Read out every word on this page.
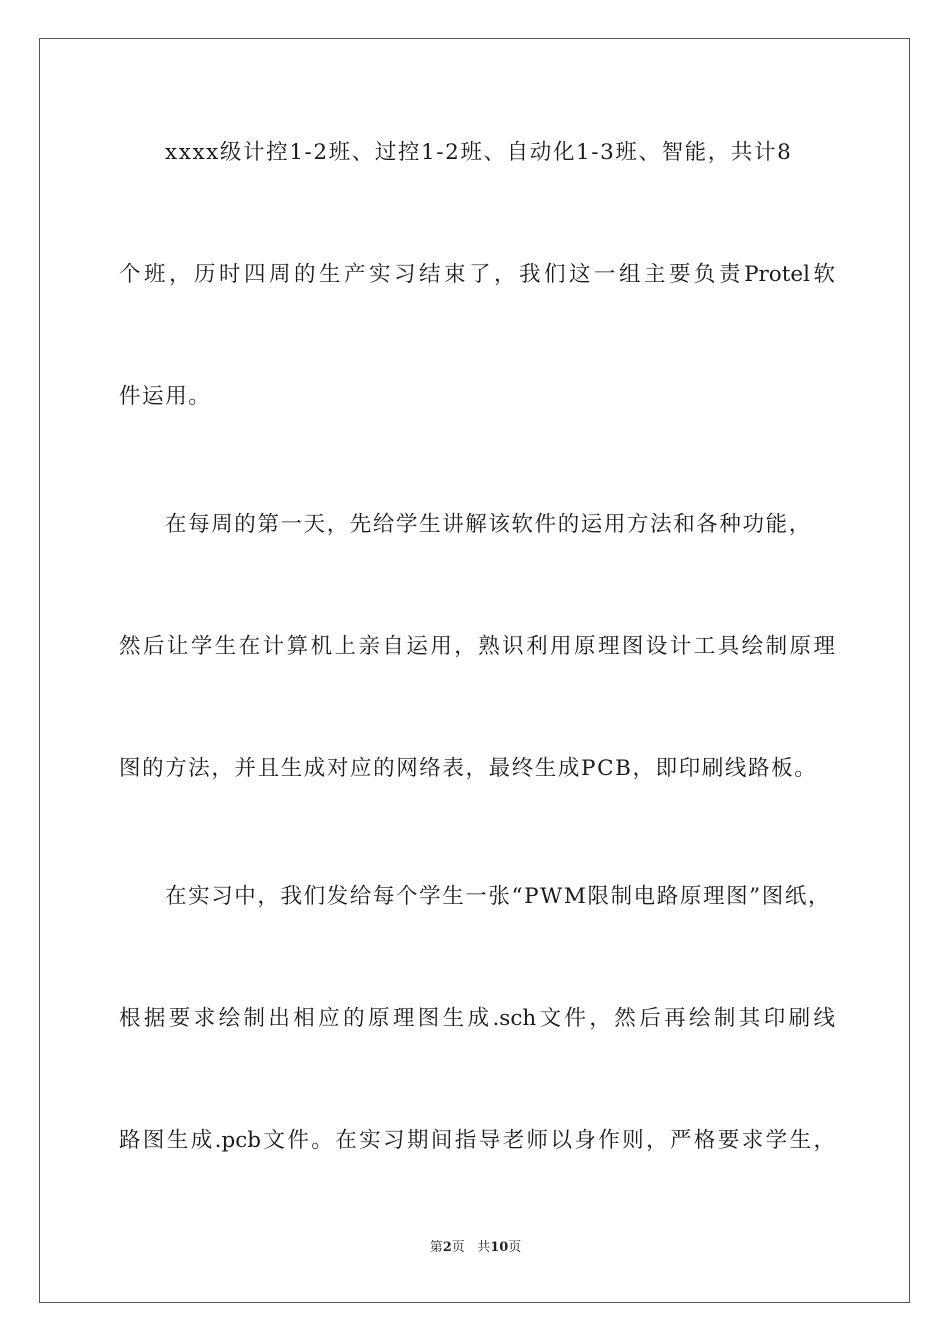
xxxx级计控1-2班、过控1-2班、自动化1-3班、智能，共计8
个班，历时四周的生产实习结束了，我们这一组主要负责Protel软
件运用。
在每周的第一天，先给学生讲解该软件的运用方法和各种功能，
然后让学生在计算机上亲自运用，熟识利用原理图设计工具绘制原理
图的方法，并且生成对应的网络表，最终生成PCB，即印刷线路板。
在实习中，我们发给每个学生一张“PWM限制电路原理图”图纸，
根据要求绘制出相应的原理图生成.sch文件，然后再绘制其印刷线
路图生成.pcb文件。在实习期间指导老师以身作则，严格要求学生，
第2页 共10页
